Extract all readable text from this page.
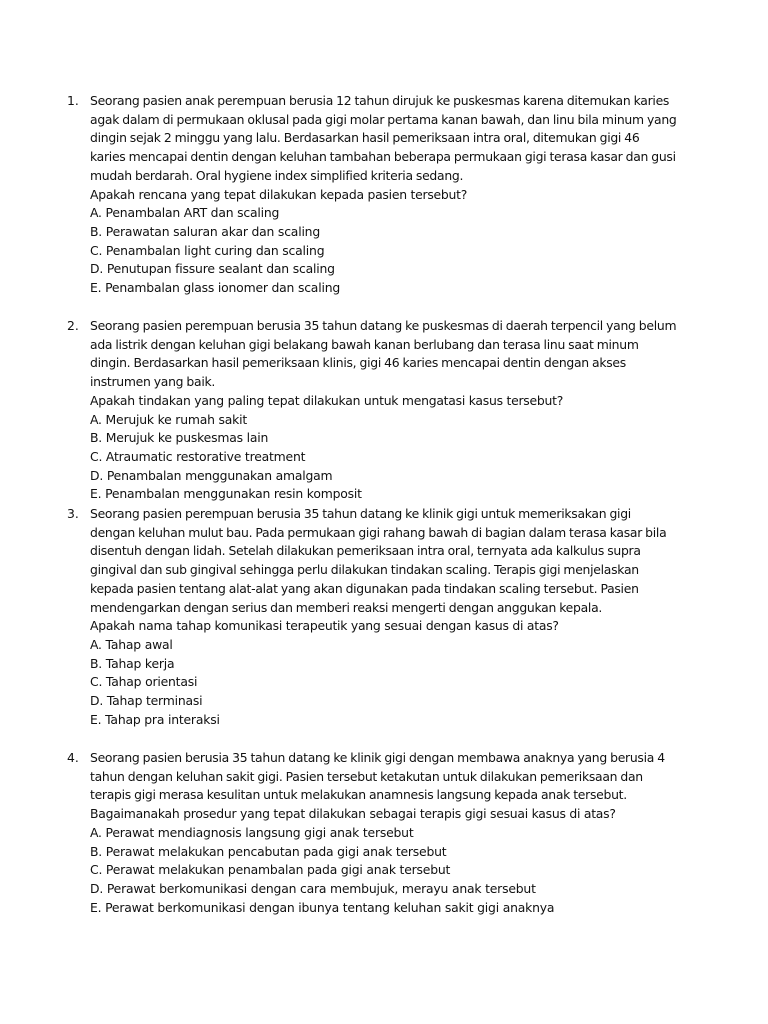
1. Seorang pasien anak perempuan berusia 12 tahun dirujuk ke puskesmas karena ditemukan karies agak dalam di permukaan oklusal pada gigi molar pertama kanan bawah, dan linu bila minum yang dingin sejak 2 minggu yang lalu. Berdasarkan hasil pemeriksaan intra oral, ditemukan gigi 46 karies mencapai dentin dengan keluhan tambahan beberapa permukaan gigi terasa kasar dan gusi mudah berdarah. Oral hygiene index simplified kriteria sedang.

Apakah rencana yang tepat dilakukan kepada pasien tersebut?

A. Penambalan ART dan scaling
B. Perawatan saluran akar dan scaling
C. Penambalan light curing dan scaling
D. Penutupan fissure sealant dan scaling
E. Penambalan glass ionomer dan scaling
2. Seorang pasien perempuan berusia 35 tahun datang ke puskesmas di daerah terpencil yang belum ada listrik dengan keluhan gigi belakang bawah kanan berlubang dan terasa linu saat minum dingin. Berdasarkan hasil pemeriksaan klinis, gigi 46 karies mencapai dentin dengan akses instrumen yang baik.

Apakah tindakan yang paling tepat dilakukan untuk mengatasi kasus tersebut?

A. Merujuk ke rumah sakit
B. Merujuk ke puskesmas lain
C. Atraumatic restorative treatment
D. Penambalan menggunakan amalgam
E. Penambalan menggunakan resin komposit
3. Seorang pasien perempuan berusia 35 tahun datang ke klinik gigi untuk memeriksakan gigi dengan keluhan mulut bau. Pada permukaan gigi rahang bawah di bagian dalam terasa kasar bila disentuh dengan lidah. Setelah dilakukan pemeriksaan intra oral, ternyata ada kalkulus supra gingival dan sub gingival sehingga perlu dilakukan tindakan scaling. Terapis gigi menjelaskan kepada pasien tentang alat-alat yang akan digunakan pada tindakan scaling tersebut. Pasien mendengarkan dengan serius dan memberi reaksi mengerti dengan anggukan kepala.

Apakah nama tahap komunikasi terapeutik yang sesuai dengan kasus di atas?

A. Tahap awal
B. Tahap kerja
C. Tahap orientasi
D. Tahap terminasi
E. Tahap pra interaksi
4. Seorang pasien berusia 35 tahun datang ke klinik gigi dengan membawa anaknya yang berusia 4 tahun dengan keluhan sakit gigi. Pasien tersebut ketakutan untuk dilakukan pemeriksaan dan terapis gigi merasa kesulitan untuk melakukan anamnesis langsung kepada anak tersebut.

Bagaimanakah prosedur yang tepat dilakukan sebagai terapis gigi sesuai kasus di atas?

A. Perawat mendiagnosis langsung gigi anak tersebut
B. Perawat melakukan pencabutan pada gigi anak tersebut
C. Perawat melakukan penambalan pada gigi anak tersebut
D. Perawat berkomunikasi dengan cara membujuk, merayu anak tersebut
E. Perawat berkomunikasi dengan ibunya tentang keluhan sakit gigi anaknya
